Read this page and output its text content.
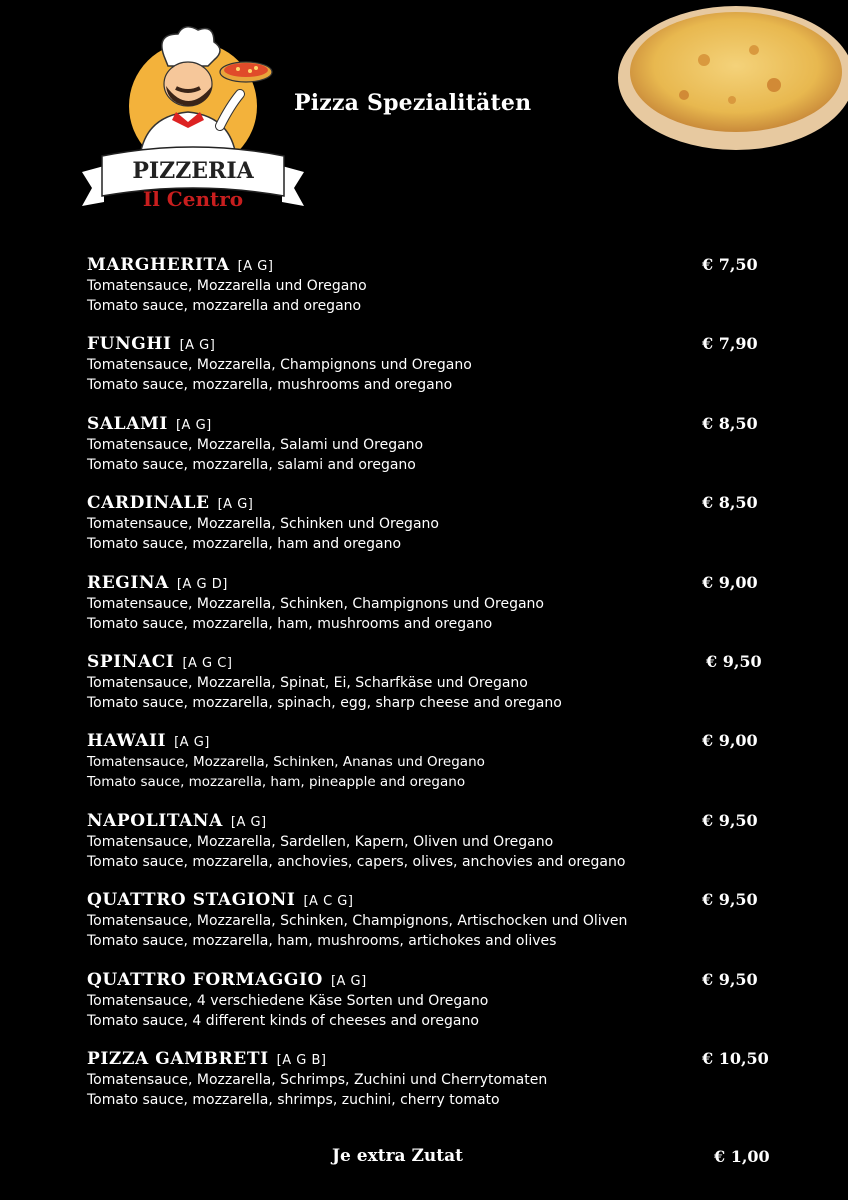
PIZZERIA
Il Centro
Pizza Spezialitäten
MARGHERITA [A G]	€ 7,50
Tomatensauce, Mozzarella und Oregano
Tomato sauce, mozzarella and oregano
FUNGHI [A G]	€ 7,90
Tomatensauce, Mozzarella, Champignons und Oregano
Tomato sauce, mozzarella, mushrooms and oregano
SALAMI [A G]	€ 8,50
Tomatensauce, Mozzarella, Salami und Oregano
Tomato sauce, mozzarella, salami and oregano
CARDINALE [A G]	€ 8,50
Tomatensauce, Mozzarella, Schinken und Oregano
Tomato sauce, mozzarella, ham and oregano
REGINA [A G D]	€ 9,00
Tomatensauce, Mozzarella, Schinken, Champignons und Oregano
Tomato sauce, mozzarella, ham, mushrooms and oregano
SPINACI [A G C]	€ 9,50
Tomatensauce, Mozzarella, Spinat, Ei, Scharfkäse und Oregano
Tomato sauce, mozzarella, spinach, egg, sharp cheese and oregano
HAWAII [A G]	€ 9,00
Tomatensauce, Mozzarella, Schinken, Ananas und Oregano
Tomato sauce, mozzarella, ham, pineapple and oregano
NAPOLITANA [A G]	€ 9,50
Tomatensauce, Mozzarella, Sardellen, Kapern, Oliven und Oregano
Tomato sauce, mozzarella, anchovies, capers, olives, anchovies and oregano
QUATTRO STAGIONI [A C G]	€ 9,50
Tomatensauce, Mozzarella, Schinken, Champignons, Artischocken und Oliven
Tomato sauce, mozzarella, ham, mushrooms, artichokes and olives
QUATTRO FORMAGGIO [A G]	€ 9,50
Tomatensauce, 4 verschiedene Käse Sorten und Oregano
Tomato sauce, 4 different kinds of cheeses and oregano
PIZZA GAMBRETI [A G B]	€ 10,50
Tomatensauce, Mozzarella, Schrimps, Zuchini und Cherrytomaten
Tomato sauce, mozzarella, shrimps, zuchini, cherry tomato
Je extra Zutat	€ 1,00
